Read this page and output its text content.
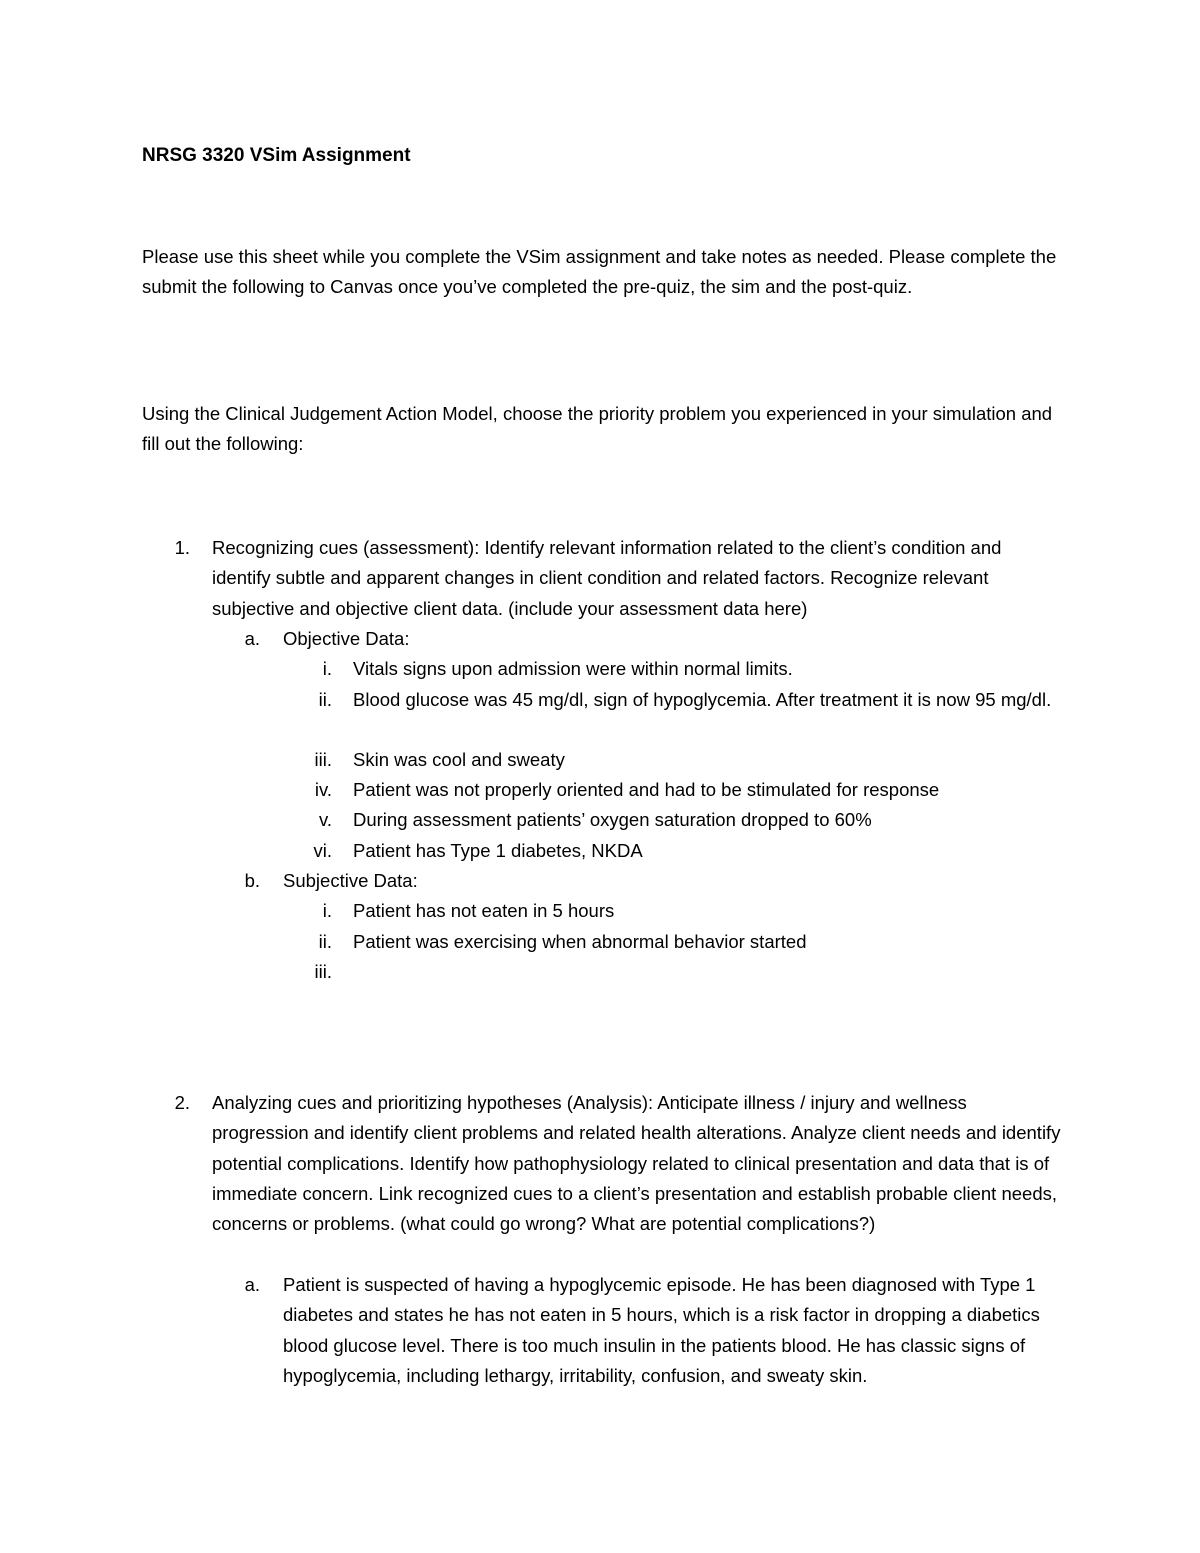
NRSG 3320 VSim Assignment
Please use this sheet while you complete the VSim assignment and take notes as needed. Please complete the submit the following to Canvas once you’ve completed the pre-quiz, the sim and the post-quiz.
Using the Clinical Judgement Action Model, choose the priority problem you experienced in your simulation and fill out the following:
1. Recognizing cues (assessment): Identify relevant information related to the client’s condition and identify subtle and apparent changes in client condition and related factors. Recognize relevant subjective and objective client data. (include your assessment data here)
a. Objective Data:
i. Vitals signs upon admission were within normal limits.
ii. Blood glucose was 45 mg/dl, sign of hypoglycemia. After treatment it is now 95 mg/dl.
iii. Skin was cool and sweaty
iv. Patient was not properly oriented and had to be stimulated for response
v. During assessment patients’ oxygen saturation dropped to 60%
vi. Patient has Type 1 diabetes, NKDA
b. Subjective Data:
i. Patient has not eaten in 5 hours
ii. Patient was exercising when abnormal behavior started
iii.
2. Analyzing cues and prioritizing hypotheses (Analysis): Anticipate illness / injury and wellness progression and identify client problems and related health alterations. Analyze client needs and identify potential complications. Identify how pathophysiology related to clinical presentation and data that is of immediate concern. Link recognized cues to a client’s presentation and establish probable client needs, concerns or problems. (what could go wrong? What are potential complications?)
a. Patient is suspected of having a hypoglycemic episode. He has been diagnosed with Type 1 diabetes and states he has not eaten in 5 hours, which is a risk factor in dropping a diabetics blood glucose level. There is too much insulin in the patients blood. He has classic signs of hypoglycemia, including lethargy, irritability, confusion, and sweaty skin.
